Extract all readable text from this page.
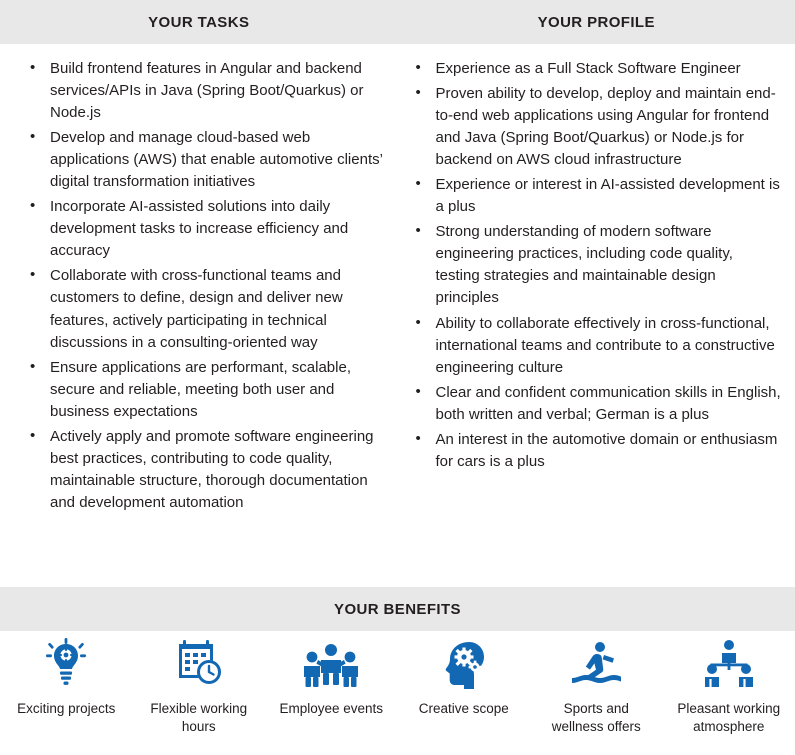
YOUR TASKS	YOUR PROFILE
• Build frontend features in Angular and backend services/APIs in Java (Spring Boot/Quarkus) or Node.js
• Develop and manage cloud-based web applications (AWS) that enable automotive clients’ digital transformation initiatives
• Incorporate AI-assisted solutions into daily development tasks to increase efficiency and accuracy
• Collaborate with cross-functional teams and customers to define, design and deliver new features, actively participating in technical discussions in a consulting-oriented way
• Ensure applications are performant, scalable, secure and reliable, meeting both user and business expectations
• Actively apply and promote software engineering best practices, contributing to code quality, maintainable structure, thorough documentation and development automation
• Experience as a Full Stack Software Engineer
• Proven ability to develop, deploy and maintain end-to-end web applications using Angular for frontend and Java (Spring Boot/Quarkus) or Node.js for backend on AWS cloud infrastructure
• Experience or interest in AI-assisted development is a plus
• Strong understanding of modern software engineering practices, including code quality, testing strategies and maintainable design principles
• Ability to collaborate effectively in cross-functional, international teams and contribute to a constructive engineering culture
• Clear and confident communication skills in English, both written and verbal; German is a plus
• An interest in the automotive domain or enthusiasm for cars is a plus
YOUR BENEFITS
Exciting projects	Flexible working hours
Employee events	Creative scope	Sports and wellness offers
Pleasant working atmosphere
